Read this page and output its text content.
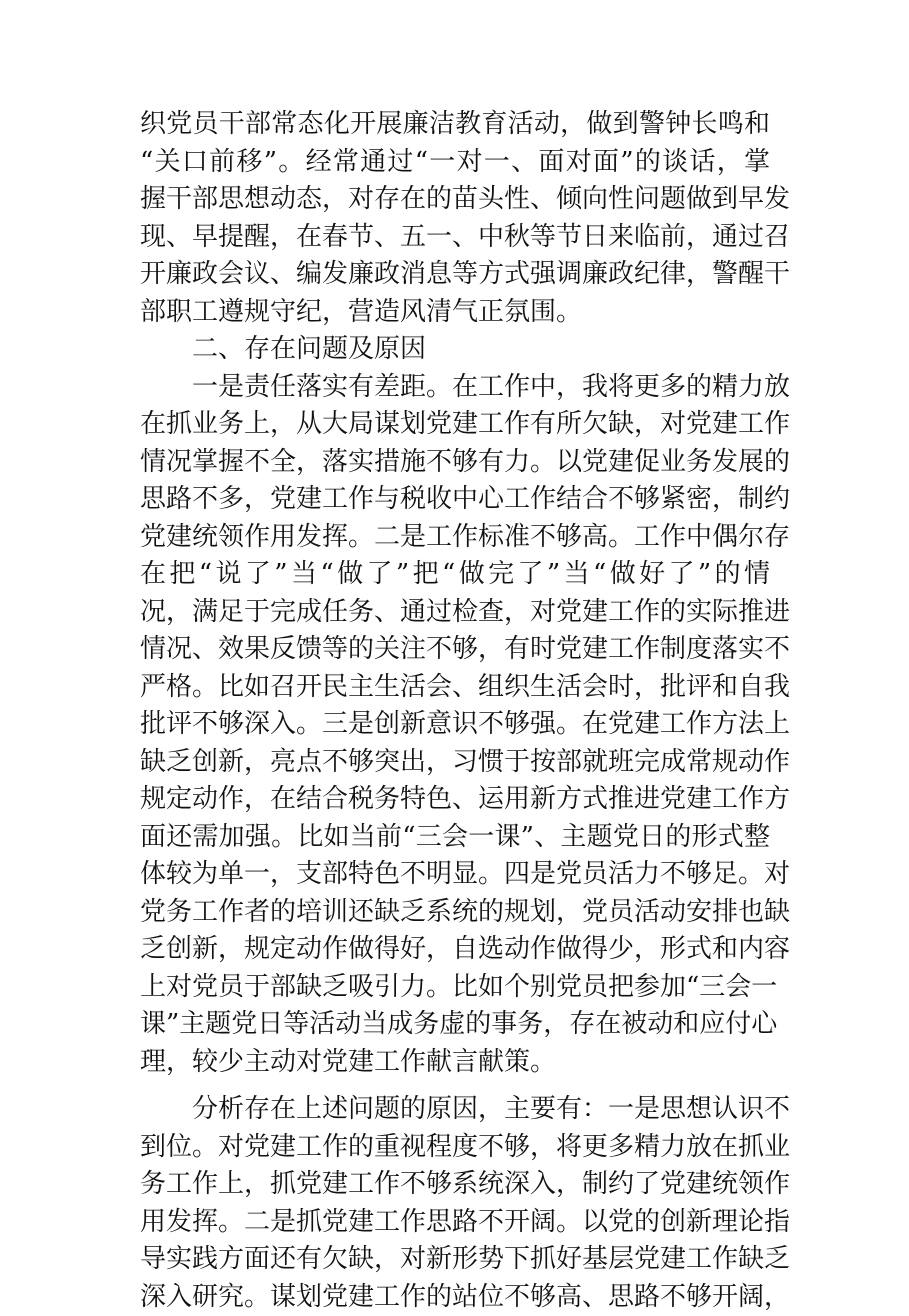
织党员干部常态化开展廉洁教育活动，做到警钟长鸣和
“关口前移”。经常通过“一对一、面对面”的谈话，掌
握干部思想动态，对存在的苗头性、倾向性问题做到早发
现、早提醒，在春节、五一、中秋等节日来临前，通过召
开廉政会议、编发廉政消息等方式强调廉政纪律，警醒干
部职工遵规守纪，营造风清气正氛围。
二、存在问题及原因
一是责任落实有差距。在工作中，我将更多的精力放
在抓业务上，从大局谋划党建工作有所欠缺，对党建工作
情况掌握不全，落实措施不够有力。以党建促业务发展的
思路不多，党建工作与税收中心工作结合不够紧密，制约
党建统领作用发挥。二是工作标准不够高。工作中偶尔存
在把“说了”当“做了”把“做完了”当“做好了”的情
况，满足于完成任务、通过检查，对党建工作的实际推进
情况、效果反馈等的关注不够，有时党建工作制度落实不
严格。比如召开民主生活会、组织生活会时，批评和自我
批评不够深入。三是创新意识不够强。在党建工作方法上
缺乏创新，亮点不够突出，习惯于按部就班完成常规动作
规定动作，在结合税务特色、运用新方式推进党建工作方
面还需加强。比如当前“三会一课”、主题党日的形式整
体较为单一，支部特色不明显。四是党员活力不够足。对
党务工作者的培训还缺乏系统的规划，党员活动安排也缺
乏创新，规定动作做得好，自选动作做得少，形式和内容
上对党员于部缺乏吸引力。比如个别党员把参加“三会一
课”主题党日等活动当成务虚的事务，存在被动和应付心
理，较少主动对党建工作献言献策。
分析存在上述问题的原因，主要有：一是思想认识不
到位。对党建工作的重视程度不够，将更多精力放在抓业
务工作上，抓党建工作不够系统深入，制约了党建统领作
用发挥。二是抓党建工作思路不开阔。以党的创新理论指
导实践方面还有欠缺，对新形势下抓好基层党建工作缺乏
深入研究。谋划党建工作的站位不够高、思路不够开阔，
